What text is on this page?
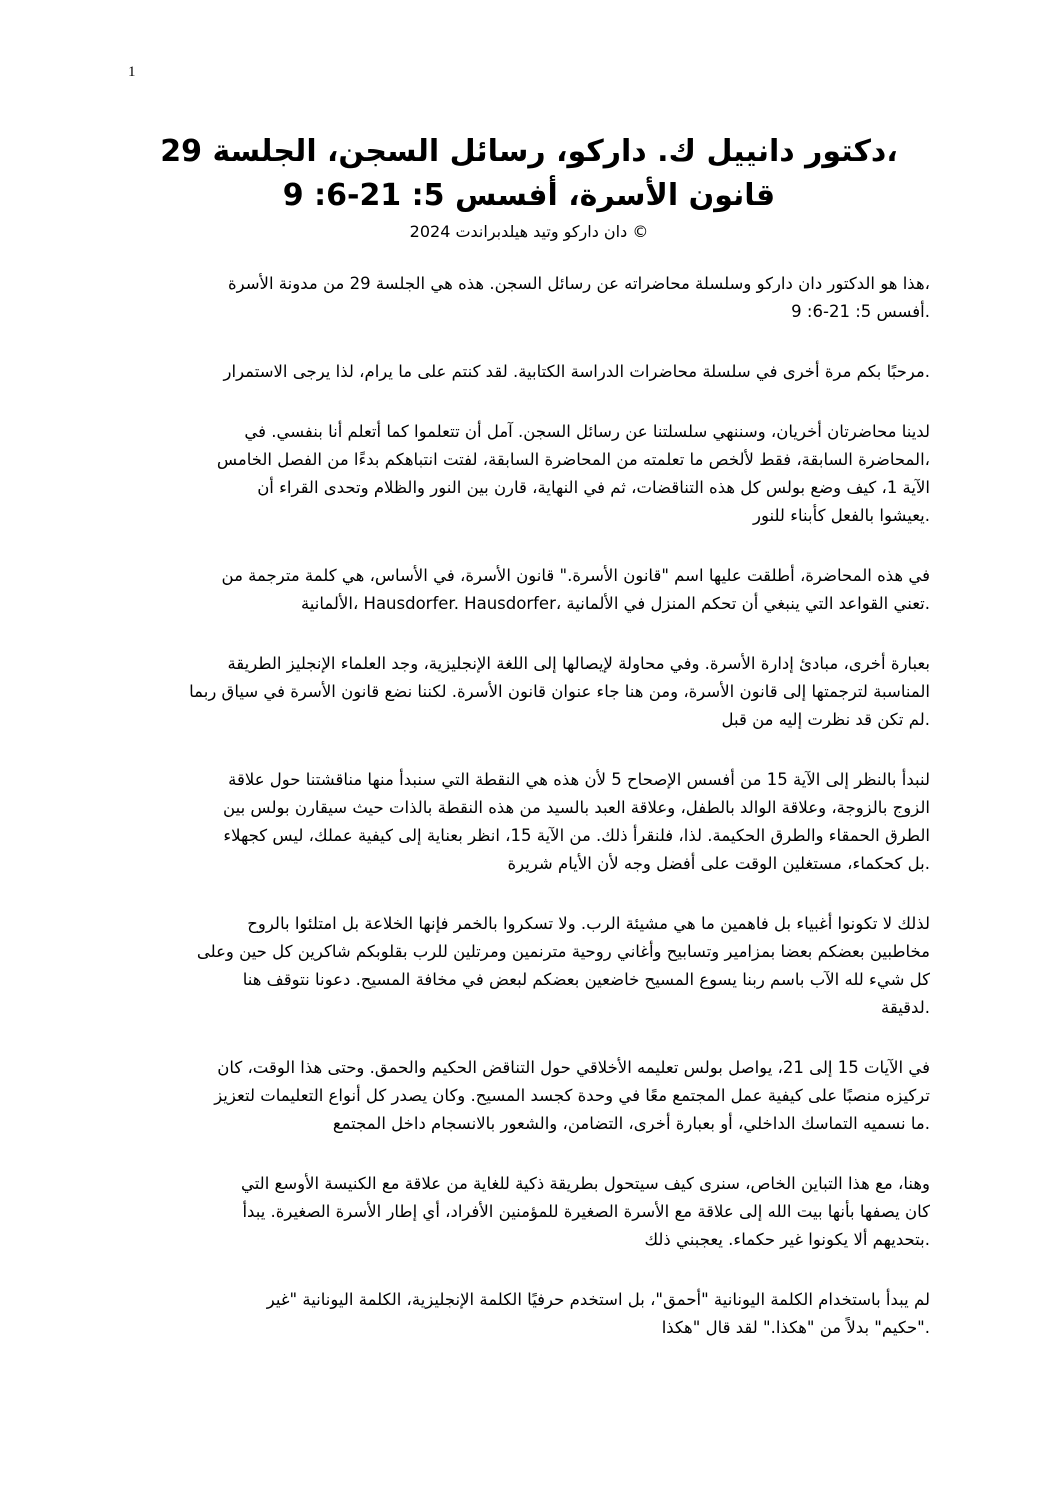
1
دكتور دانييل ك. داركو، رسائل السجن، الجلسة 29،
قانون الأسرة، أفسس 5: 21-6: 9
دان داركو وتيد هيلدبراندت 2024 ©
هذا هو الدكتور دان داركو وسلسلة محاضراته عن رسائل السجن. هذه هي الجلسة 29 من مدونة الأسرة،
أفسس 5: 21-6: 9.
مرحبًا بكم مرة أخرى في سلسلة محاضرات الدراسة الكتابية. لقد كنتم على ما يرام، لذا يرجى الاستمرار.
لدينا محاضرتان أخريان، وسننهي سلسلتنا عن رسائل السجن. آمل أن تتعلموا كما أتعلم أنا بنفسي. في
المحاضرة السابقة، فقط لألخص ما تعلمته من المحاضرة السابقة، لفتت انتباهكم بدءًا من الفصل الخامس،
الآية 1، كيف وضع بولس كل هذه التناقضات، ثم في النهاية، قارن بين النور والظلام وتحدى القراء أن
يعيشوا بالفعل كأبناء للنور.
في هذه المحاضرة، أطلقت عليها اسم "قانون الأسرة." قانون الأسرة، في الأساس، هي كلمة مترجمة من
الألمانية، Hausdorfer. Hausdorfer، تعني القواعد التي ينبغي أن تحكم المنزل في الألمانية.
بعبارة أخرى، مبادئ إدارة الأسرة. وفي محاولة لإيصالها إلى اللغة الإنجليزية، وجد العلماء الإنجليز الطريقة
المناسبة لترجمتها إلى قانون الأسرة، ومن هنا جاء عنوان قانون الأسرة. لكننا نضع قانون الأسرة في سياق ربما
لم تكن قد نظرت إليه من قبل.
لنبدأ بالنظر إلى الآية 15 من أفسس الإصحاح 5 لأن هذه هي النقطة التي سنبدأ منها مناقشتنا حول علاقة
الزوج بالزوجة، وعلاقة الوالد بالطفل، وعلاقة العبد بالسيد من هذه النقطة بالذات حيث سيقارن بولس بين
الطرق الحمقاء والطرق الحكيمة. لذا، فلنقرأ ذلك. من الآية 15، انظر بعناية إلى كيفية عملك، ليس كجهلاء
بل كحكماء، مستغلين الوقت على أفضل وجه لأن الأيام شريرة.
لذلك لا تكونوا أغبياء بل فاهمين ما هي مشيئة الرب. ولا تسكروا بالخمر فإنها الخلاعة بل امتلئوا بالروح
مخاطبين بعضكم بعضا بمزامير وتسابيح وأغاني روحية مترنمين ومرتلين للرب بقلوبكم شاكرين كل حين وعلى
كل شيء لله الآب باسم ربنا يسوع المسيح خاضعين بعضكم لبعض في مخافة المسيح. دعونا نتوقف هنا
لدقيقة.
في الآيات 15 إلى 21، يواصل بولس تعليمه الأخلاقي حول التناقض الحكيم والحمق. وحتى هذا الوقت، كان
تركيزه منصبًا على كيفية عمل المجتمع معًا في وحدة كجسد المسيح. وكان يصدر كل أنواع التعليمات لتعزيز
ما نسميه التماسك الداخلي، أو بعبارة أخرى، التضامن، والشعور بالانسجام داخل المجتمع.
وهنا، مع هذا التباين الخاص، سنرى كيف سيتحول بطريقة ذكية للغاية من علاقة مع الكنيسة الأوسع التي
كان يصفها بأنها بيت الله إلى علاقة مع الأسرة الصغيرة للمؤمنين الأفراد، أي إطار الأسرة الصغيرة. يبدأ
بتحديهم ألا يكونوا غير حكماء. يعجبني ذلك.
لم يبدأ باستخدام الكلمة اليونانية "أحمق"، بل استخدم حرفيًا الكلمة الإنجليزية، الكلمة اليونانية "غير
حكيم" بدلاً من "هكذا." لقد قال "هكذا".
